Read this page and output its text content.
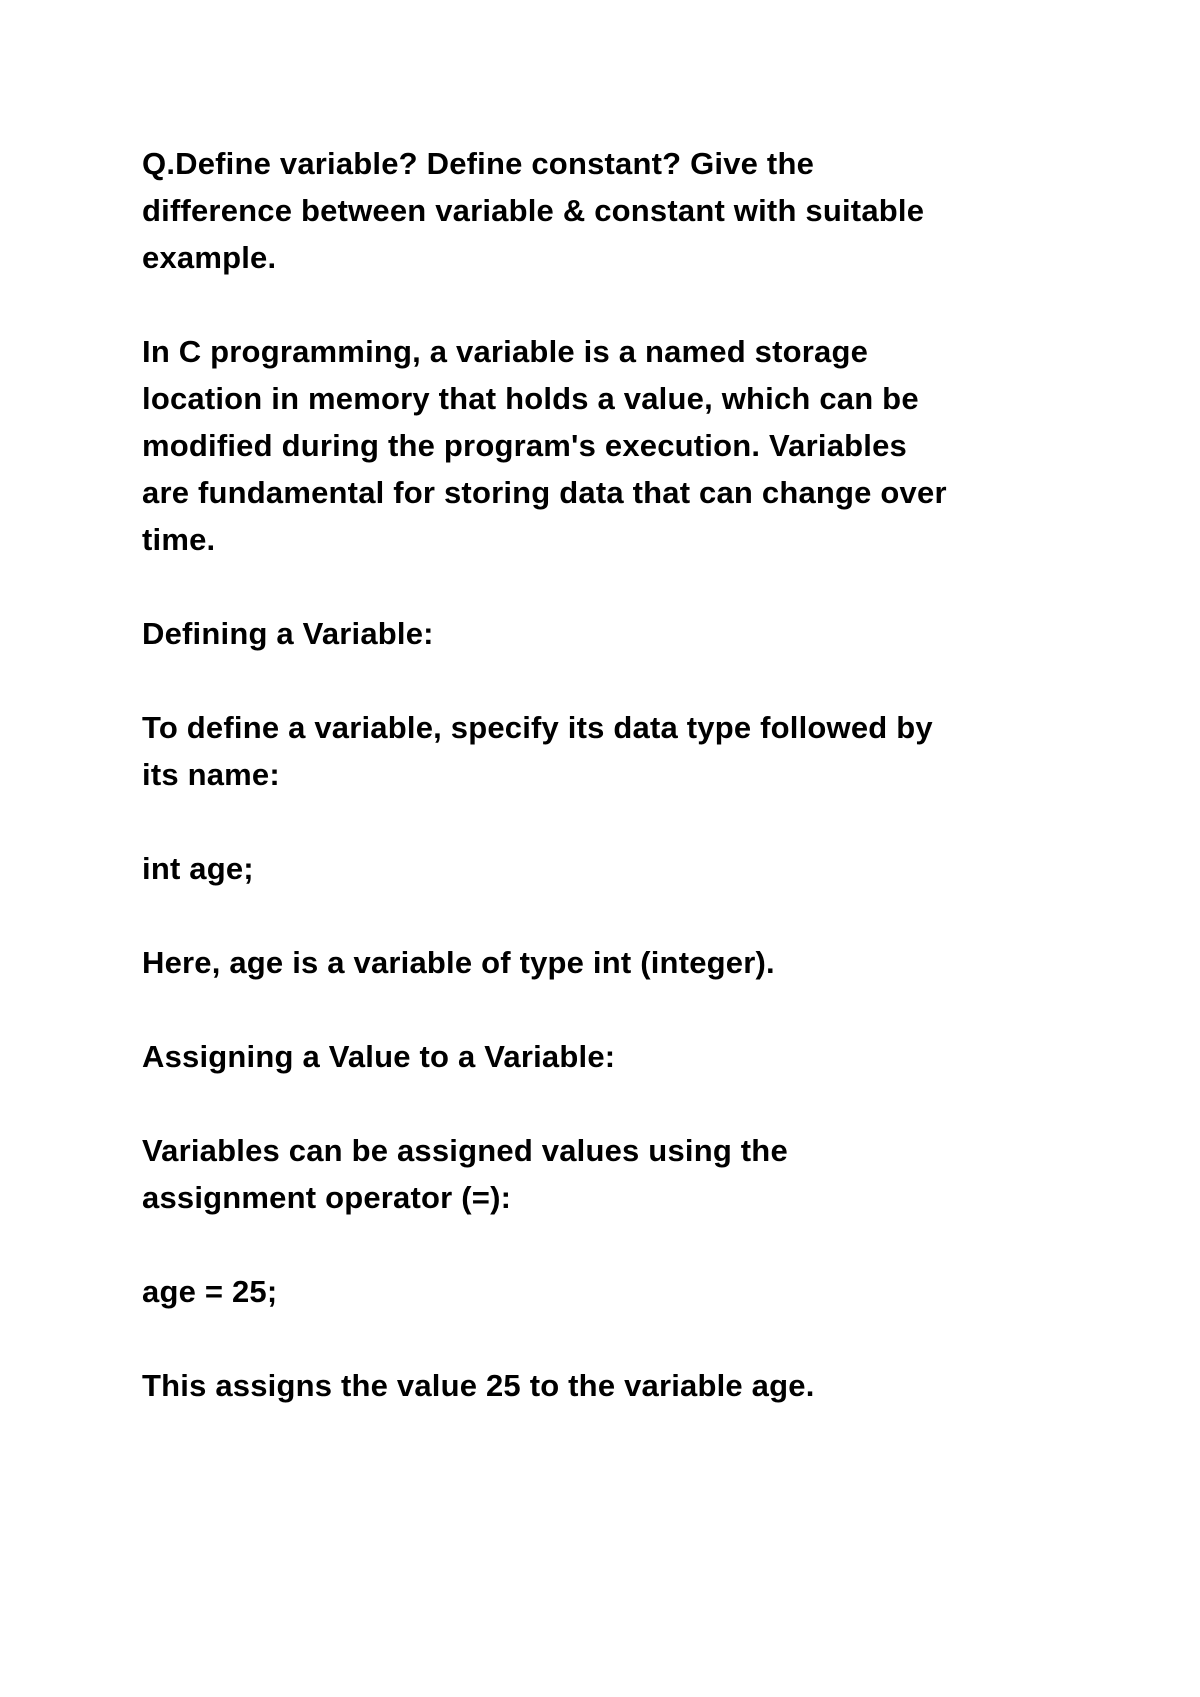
Q.Define variable? Define constant? Give the
difference between variable & constant with suitable
example.

In C programming, a variable is a named storage
location in memory that holds a value, which can be
modified during the program's execution. Variables
are fundamental for storing data that can change over
time.

Defining a Variable:

To define a variable, specify its data type followed by
its name:

int age;

Here, age is a variable of type int (integer).

Assigning a Value to a Variable:

Variables can be assigned values using the
assignment operator (=):

age = 25;

This assigns the value 25 to the variable age.
